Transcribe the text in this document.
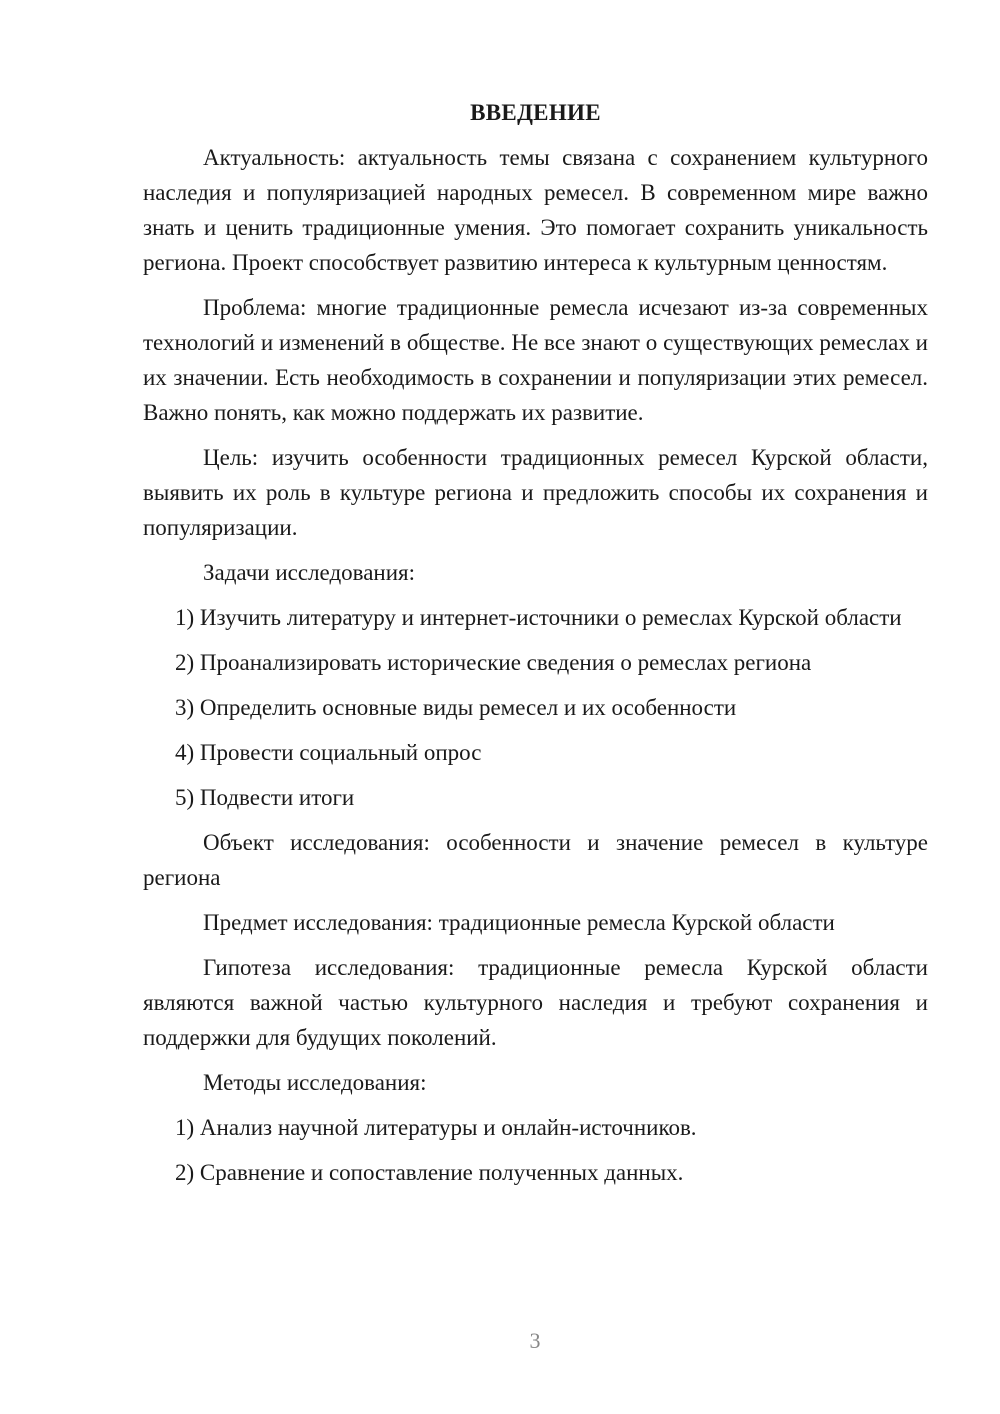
ВВЕДЕНИЕ

Актуальность: актуальность темы связана с сохранением культурного наследия и популяризацией народных ремесел. В современном мире важно знать и ценить традиционные умения. Это помогает сохранить уникальность региона. Проект способствует развитию интереса к культурным ценностям.

Проблема: многие традиционные ремесла исчезают из-за современных технологий и изменений в обществе. Не все знают о существующих ремеслах и их значении. Есть необходимость в сохранении и популяризации этих ремесел. Важно понять, как можно поддержать их развитие.

Цель: изучить особенности традиционных ремесел Курской области, выявить их роль в культуре региона и предложить способы их сохранения и популяризации.

Задачи исследования:

1) Изучить литературу и интернет-источники о ремеслах Курской области

2) Проанализировать исторические сведения о ремеслах региона

3) Определить основные виды ремесел и их особенности

4) Провести социальный опрос

5) Подвести итоги

Объект исследования: особенности и значение ремесел в культуре региона

Предмет исследования: традиционные ремесла Курской области

Гипотеза исследования: традиционные ремесла Курской области являются важной частью культурного наследия и требуют сохранения и поддержки для будущих поколений.

Методы исследования:

1) Анализ научной литературы и онлайн-источников.

2) Сравнение и сопоставление полученных данных.

3
